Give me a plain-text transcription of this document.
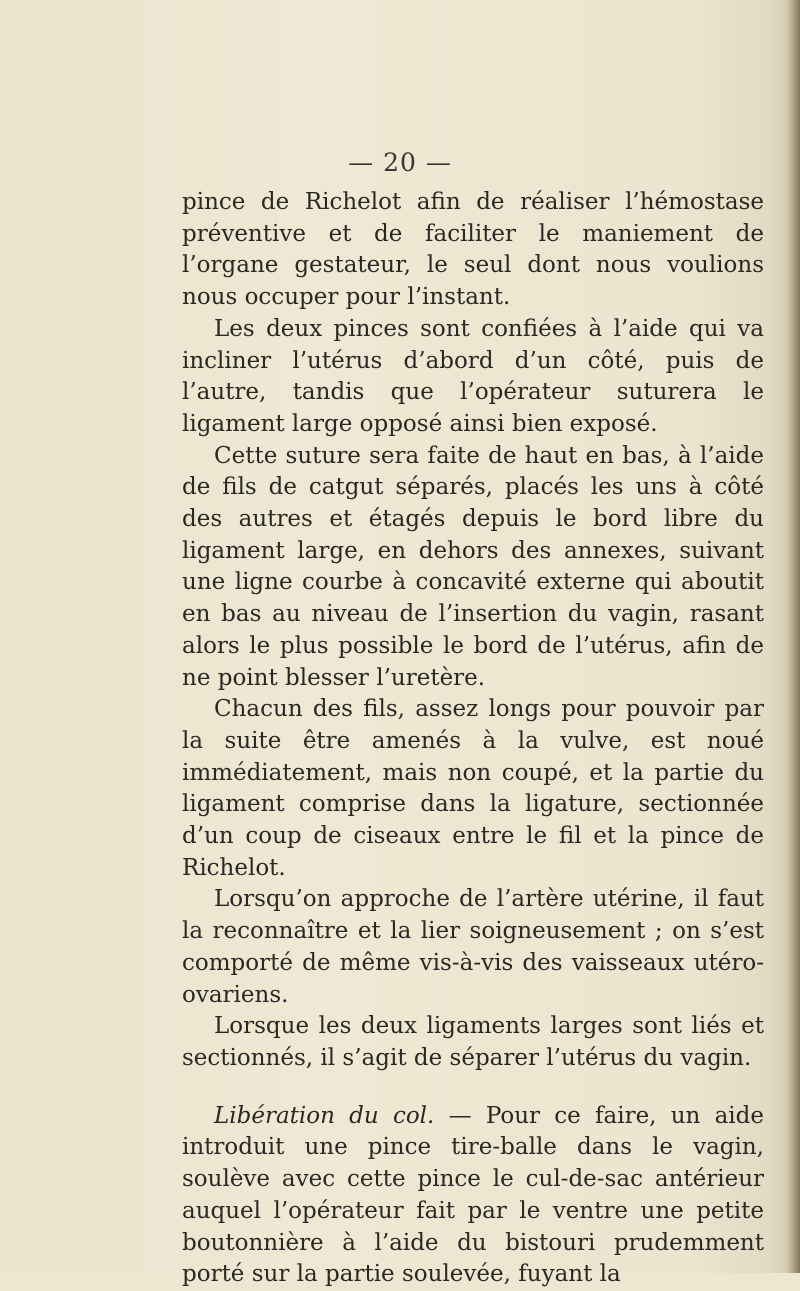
— 20 —

pince de Richelot afin de réaliser l’hémostase préventive et de faciliter le maniement de l’organe gestateur, le seul dont nous voulions nous occuper pour l’instant.

Les deux pinces sont confiées à l’aide qui va incliner l’utérus d’abord d’un côté, puis de l’autre, tandis que l’opérateur suturera le ligament large opposé ainsi bien exposé.

Cette suture sera faite de haut en bas, à l’aide de fils de catgut séparés, placés les uns à côté des autres et étagés depuis le bord libre du ligament large, en dehors des annexes, suivant une ligne courbe à concavité externe qui aboutit en bas au niveau de l’insertion du vagin, rasant alors le plus possible le bord de l’utérus, afin de ne point blesser l’uretère.

Chacun des fils, assez longs pour pouvoir par la suite être amenés à la vulve, est noué immédiatement, mais non coupé, et la partie du ligament comprise dans la ligature, sectionnée d’un coup de ciseaux entre le fil et la pince de Richelot.

Lorsqu’on approche de l’artère utérine, il faut la reconnaître et la lier soigneusement ; on s’est comporté de même vis-à-vis des vaisseaux utéro-ovariens.

Lorsque les deux ligaments larges sont liés et sectionnés, il s’agit de séparer l’utérus du vagin.

Libération du col. — Pour ce faire, un aide introduit une pince tire-balle dans le vagin, soulève avec cette pince le cul-de-sac antérieur auquel l’opérateur fait par le ventre une petite boutonnière à l’aide du bistouri prudemment porté sur la partie soulevée, fuyant la
